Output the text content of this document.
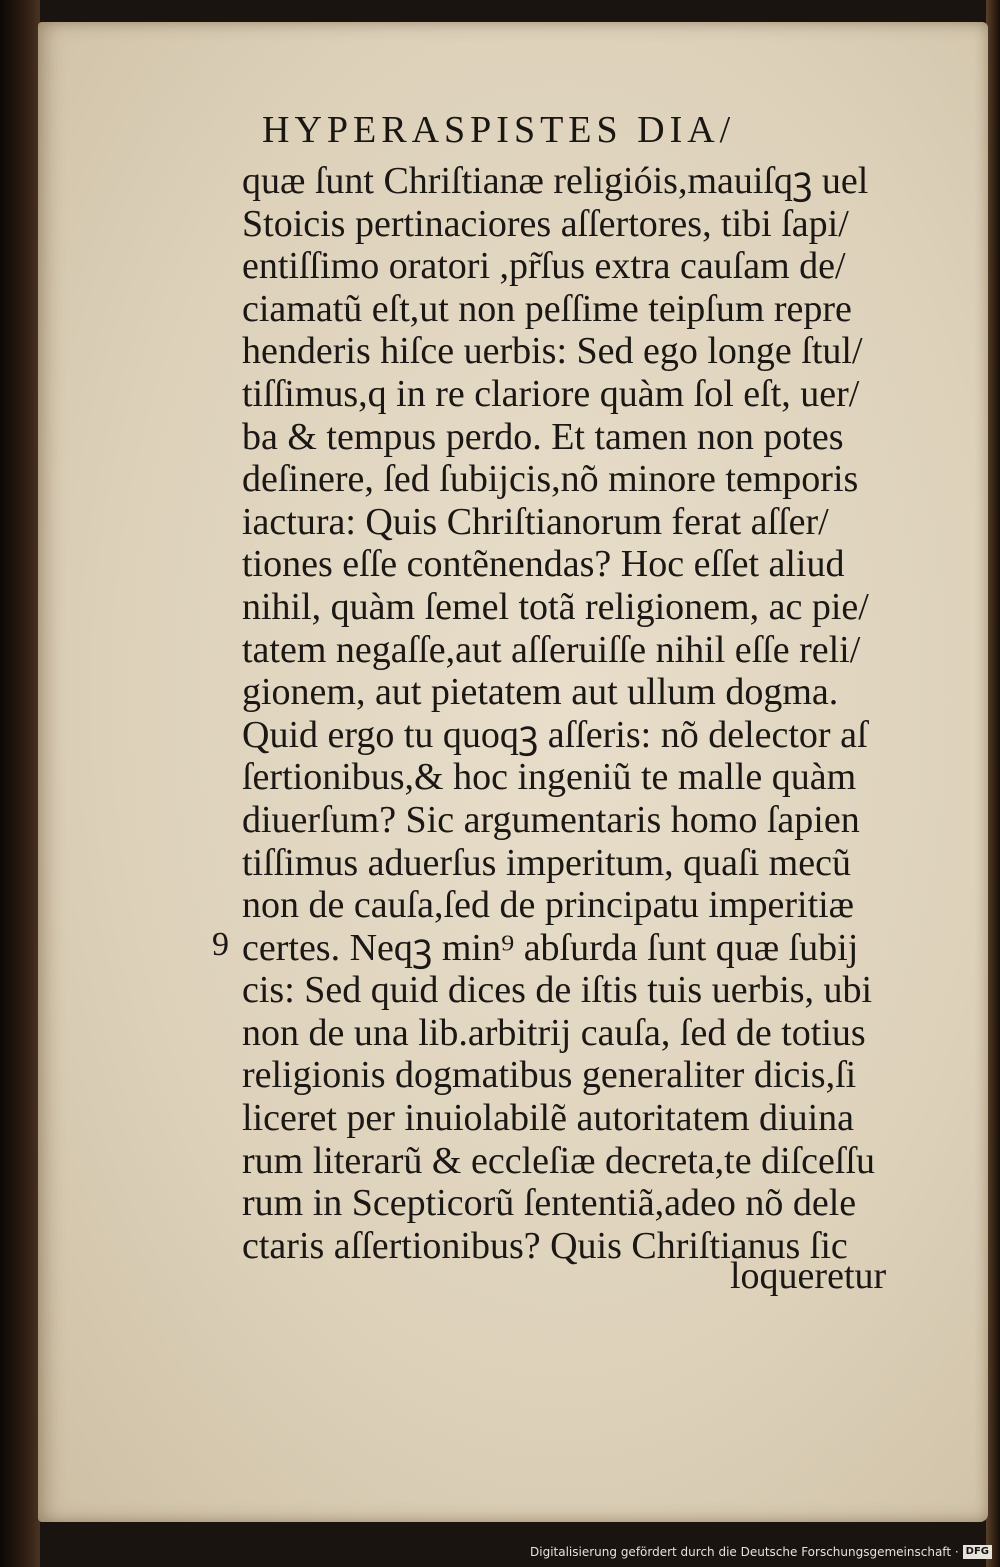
HYPERASPISTES DIA/
quæ ſunt Chriſtianæ religióis,mauiſqꝫ uel
Stoicis pertinaciores aſſertores, tibi ſapi/
entiſſimo oratori ,pr̃ſus extra cauſam de/
ciamatũ eſt,ut non peſſime teipſum repre
henderis hiſce uerbis: Sed ego longe ſtul/
tiſſimus,q in re clariore quàm ſol eſt, uer/
ba & tempus perdo. Et tamen non potes
deſinere, ſed ſubijcis,nõ minore temporis
iactura: Quis Chriſtianorum ferat aſſer/
tiones eſſe contẽnendas? Hoc eſſet aliud
nihil, quàm ſemel totã religionem, ac pie/
tatem negaſſe,aut aſſeruiſſe nihil eſſe reli/
gionem, aut pietatem aut ullum dogma.
Quid ergo tu quoqꝫ aſſeris: nõ delector aſ
ſertionibus,& hoc ingeniũ te malle quàm
diuerſum? Sic argumentaris homo ſapien
tiſſimus aduerſus imperitum, quaſi mecũ
non de cauſa,ſed de principatu imperitiæ
certes. Neqꝫ min⁹ abſurda ſunt quæ ſubij
cis: Sed quid dices de iſtis tuis uerbis, ubi
non de una lib.arbitrij cauſa, ſed de totius
religionis dogmatibus generaliter dicis,ſi
liceret per inuiolabilẽ autoritatem diuina
rum literarũ & eccleſiæ decreta,te diſceſſu
rum in Scepticorũ ſententiã,adeo nõ dele
ctaris aſſertionibus? Quis Chriſtianus ſic
9
loqueretur
Digitalisierung gefördert durch die Deutsche Forschungsgemeinschaft · DFG
